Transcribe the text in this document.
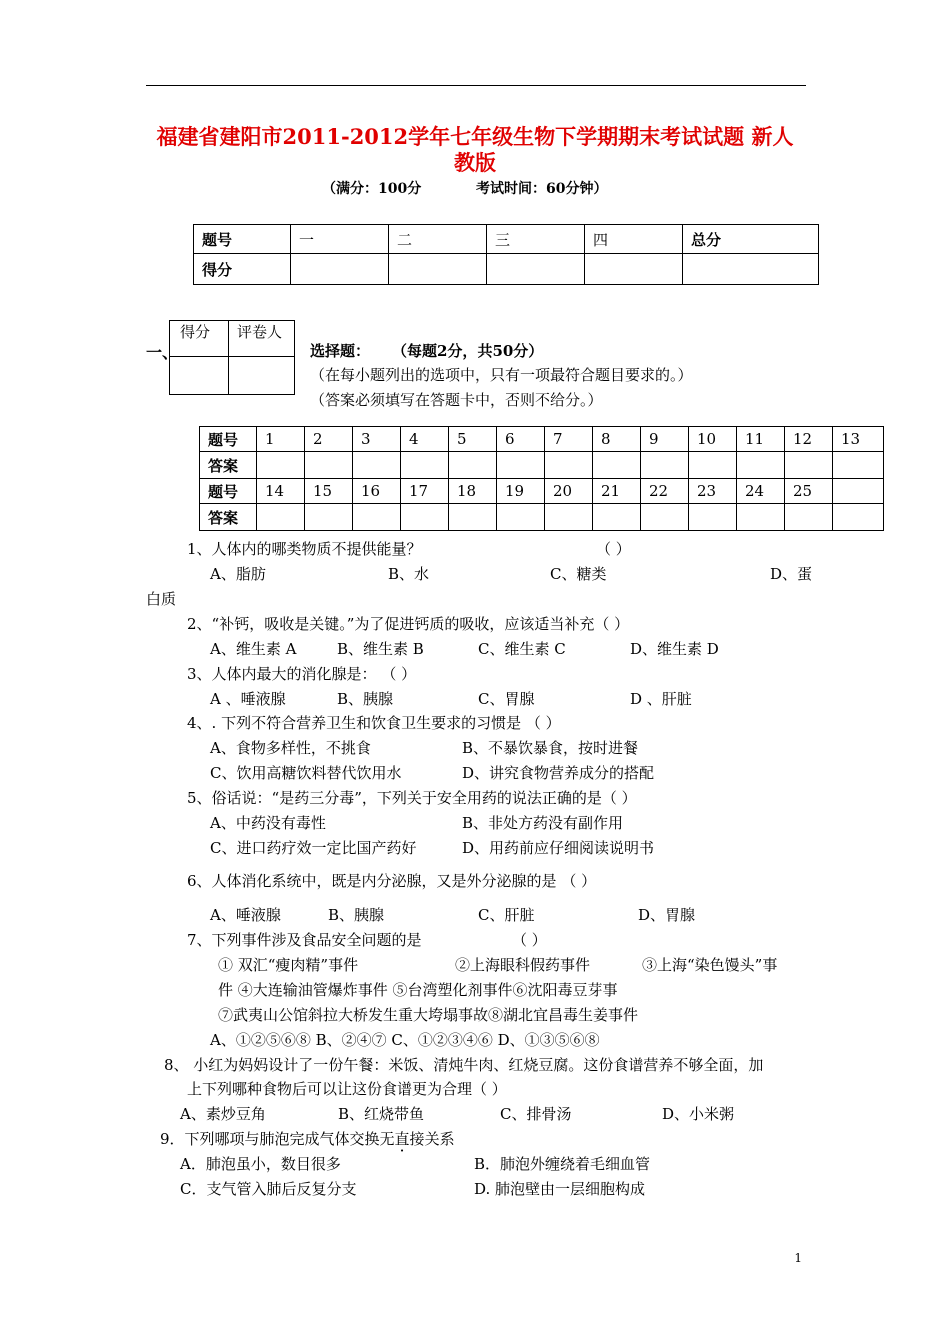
福建省建阳市2011-2012学年七年级生物下学期期末考试试题 新人
教版
（满分：100分	考试时间：60分钟）
题号	一	二	三	四	总分
得分					
一、
得分	评卷人

选择题： （每题2分，共50分）
（在每小题列出的选项中，只有一项最符合题目要求的。）
（答案必须填写在答题卡中，否则不给分。）
题号	1	2	3	4	5	6	7	8	9	10	11	12	13
答案													
题号	14	15	16	17	18	19	20	21	22	23	24	25	
答案													
1、人体内的哪类物质不提供能量？	（ ）
A、脂肪	B、水	C、糖类	D、蛋
白质
2、“补钙，吸收是关键。”为了促进钙质的吸收，应该适当补充（ ）
A、维生素 A	B、维生素 B	C、维生素 C	D、维生素 D
3、人体内最大的消化腺是： （ ）
A 、唾液腺	B、胰腺	C、胃腺	D 、肝脏
4、. 下列不符合营养卫生和饮食卫生要求的习惯是 （ ）
A、食物多样性，不挑食	B、不暴饮暴食，按时进餐
C、饮用高糖饮料替代饮用水	D、讲究食物营养成分的搭配
5、俗话说：“是药三分毒”，下列关于安全用药的说法正确的是（ ）
A、中药没有毒性	B、非处方药没有副作用
C、进口药疗效一定比国产药好	D、用药前应仔细阅读说明书
6、人体消化系统中，既是内分泌腺，又是外分泌腺的是 （ ）
A、唾液腺	B、胰腺	C、肝脏	D、胃腺
7、下列事件涉及食品安全问题的是	（ ）
① 双汇“瘦肉精”事件	②上海眼科假药事件	③上海“染色馒头”事
件 ④大连输油管爆炸事件 ⑤台湾塑化剂事件⑥沈阳毒豆芽事
⑦武夷山公馆斜拉大桥发生重大垮塌事故⑧湖北宜昌毒生姜事件
A、①②⑤⑥⑧ B、②④⑦ C、①②③④⑥ D、①③⑤⑥⑧
8、 小红为妈妈设计了一份午餐：米饭、清炖牛肉、红烧豆腐。这份食谱营养不够全面，加
上下列哪种食物后可以让这份食谱更为合理（ ）
A、素炒豆角	B、红烧带鱼	C、排骨汤	D、小米粥
9．下列哪项与肺泡完成气体交换无直接关系
A．肺泡虽小，数目很多	B．肺泡外缠绕着毛细血管
C．支气管入肺后反复分支	D. 肺泡壁由一层细胞构成
1
